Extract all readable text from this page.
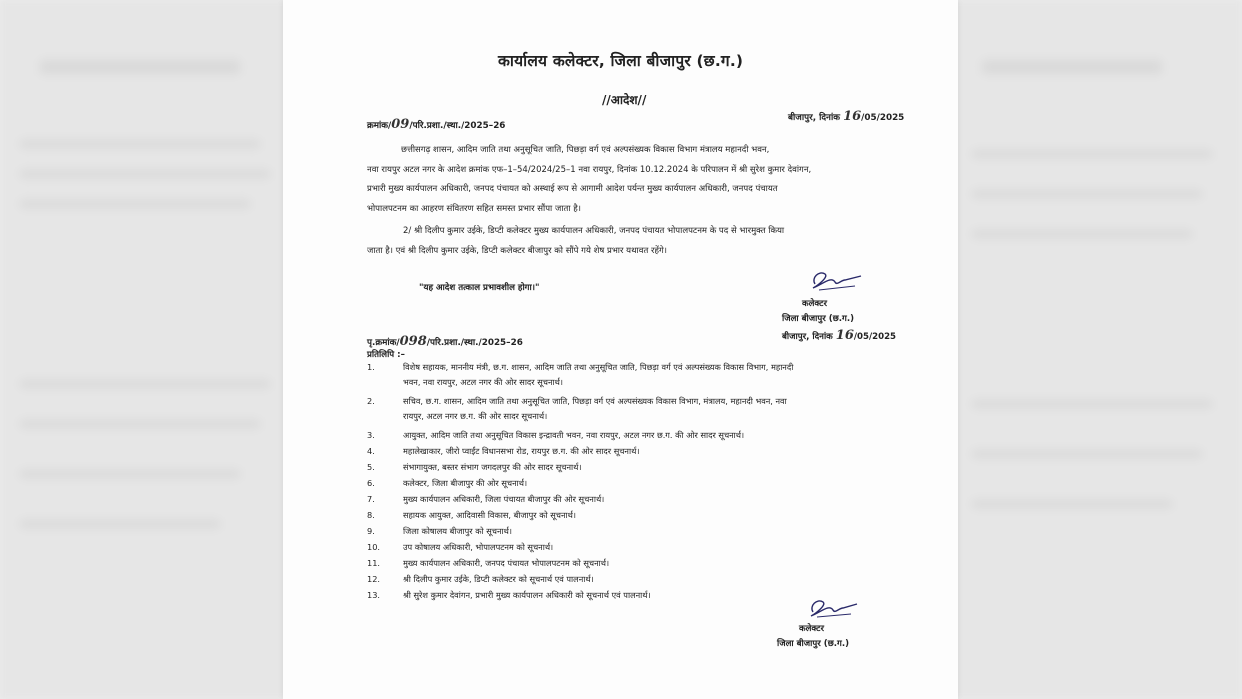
कार्यालय कलेक्टर, जिला बीजापुर (छ.ग.)
//आदेश//
क्रमांक/09/परि.प्रशा./स्था./2025–26
बीजापुर, दिनांक 16/05/2025
छत्तीसगढ़ शासन, आदिम जाति तथा अनुसूचित जाति, पिछड़ा वर्ग एवं अल्पसंख्यक विकास विभाग मंत्रालय महानदी भवन,
नवा रायपुर अटल नगर के आदेश क्रमांक एफ–1–54/2024/25–1 नवा रायपुर, दिनांक 10.12.2024 के परिपालन में श्री सुरेश कुमार देवांगन,
प्रभारी मुख्य कार्यपालन अधिकारी, जनपद पंचायत को अस्थाई रूप से आगामी आदेश पर्यन्त मुख्य कार्यपालन अधिकारी, जनपद पंचायत
भोपालपटनम का आहरण संवितरण सहित समस्त प्रभार सौंपा जाता है।
2/ श्री दिलीप कुमार उईके, डिप्टी कलेक्टर मुख्य कार्यपालन अधिकारी, जनपद पंचायत भोपालपटनम के पद से भारमुक्त किया
जाता है। एवं श्री दिलीप कुमार उईके, डिप्टी कलेक्टर बीजापुर को सौंपे गये शेष प्रभार यथावत रहेंगे।
"यह आदेश तत्काल प्रभावशील होगा।"
कलेक्टर
जिला बीजापुर (छ.ग.)
बीजापुर, दिनांक 16/05/2025
पृ.क्रमांक/098/परि.प्रशा./स्था./2025–26
प्रतिलिपि :–
1.	विशेष सहायक, माननीय मंत्री, छ.ग. शासन, आदिम जाति तथा अनुसूचित जाति, पिछड़ा वर्ग एवं अल्पसंख्यक विकास विभाग, महानदी
भवन, नवा रायपुर, अटल नगर की ओर सादर सूचनार्थ।
2.	सचिव, छ.ग. शासन, आदिम जाति तथा अनुसूचित जाति, पिछड़ा वर्ग एवं अल्पसंख्यक विकास विभाग, मंत्रालय, महानदी भवन, नवा
रायपुर, अटल नगर छ.ग. की ओर सादर सूचनार्थ।
3.	आयुक्त, आदिम जाति तथा अनुसूचित विकास इन्द्रावती भवन, नवा रायपुर, अटल नगर छ.ग. की ओर सादर सूचनार्थ।
4.	महालेखाकार, जीरो प्वाईंट विधानसभा रोड, रायपुर छ.ग. की ओर सादर सूचनार्थ।
5.	संभागायुक्त, बस्तर संभाग जगदलपुर की ओर सादर सूचनार्थ।
6.	कलेक्टर, जिला बीजापुर की ओर सूचनार्थ।
7.	मुख्य कार्यपालन अधिकारी, जिला पंचायत बीजापुर की ओर सूचनार्थ।
8.	सहायक आयुक्त, आदिवासी विकास, बीजापुर को सूचनार्थ।
9.	जिला कोषालय बीजापुर को सूचनार्थ।
10.	उप कोषालय अधिकारी, भोपालपटनम को सूचनार्थ।
11.	मुख्य कार्यपालन अधिकारी, जनपद पंचायत भोपालपटनम को सूचनार्थ।
12.	श्री दिलीप कुमार उईके, डिप्टी कलेक्टर को सूचनार्थ एवं पालनार्थ।
13.	श्री सुरेश कुमार देवांगन, प्रभारी मुख्य कार्यपालन अधिकारी को सूचनार्थ एवं पालनार्थ।
कलेक्टर
जिला बीजापुर (छ.ग.)
